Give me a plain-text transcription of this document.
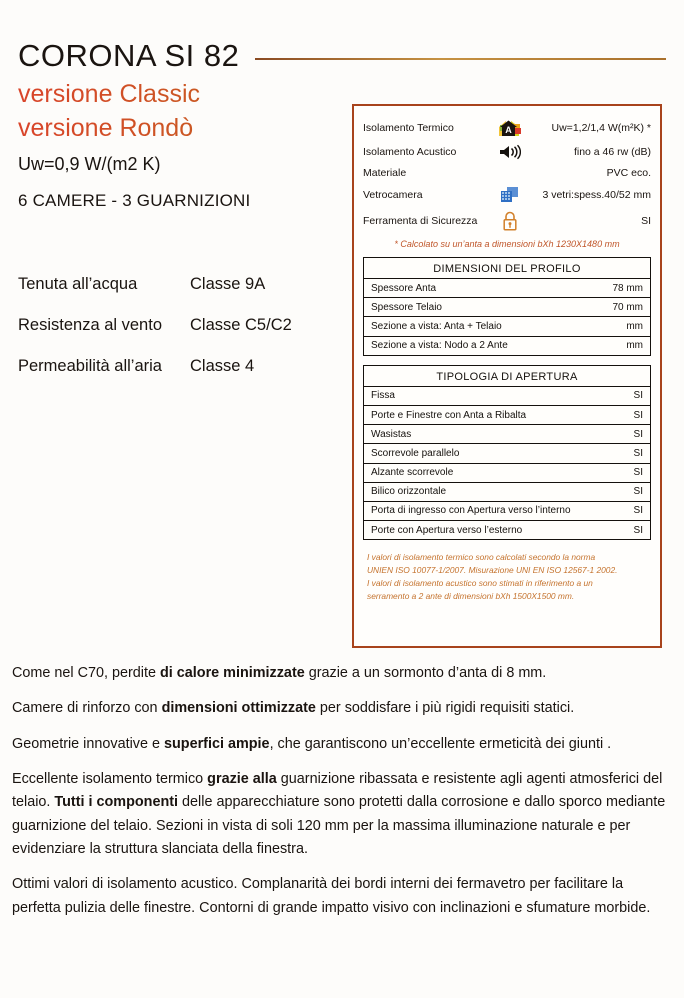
CORONA SI 82
versione Classic
versione Rondò
Uw=0,9 W/(m2 K)
6 CAMERE - 3 GUARNIZIONI
Tenuta all’acqua	Classe 9A
Resistenza al vento	Classe C5/C2
Permeabilità all’aria	Classe 4
Isolamento Termico	A	Uw=1,2/1,4 W(m²K) *
Isolamento Acustico		fino a 46 rw (dB)
Materiale		PVC eco.
Vetrocamera		3 vetri:spess.40/52 mm
Ferramenta di Sicurezza		SI
* Calcolato su un’anta a dimensioni bXh 1230X1480 mm
DIMENSIONI DEL PROFILO
Spessore Anta	78 mm
Spessore Telaio	70 mm
Sezione a vista: Anta + Telaio	mm
Sezione a vista: Nodo a 2 Ante	mm
TIPOLOGIA DI APERTURA
Fissa	SI
Porte e Finestre con Anta a Ribalta	SI
Wasistas	SI
Scorrevole parallelo	SI
Alzante scorrevole	SI
Bilico orizzontale	SI
Porta di ingresso con Apertura verso l’interno	SI
Porte con Apertura verso l’esterno	SI
I valori di isolamento termico sono calcolati secondo la norma
UNIEN ISO 10077-1/2007. Misurazione UNI EN ISO 12567-1 2002.
I valori di isolamento acustico sono stimati in riferimento a un
serramento a 2 ante di dimensioni bXh 1500X1500 mm.

Come nel C70, perdite di calore minimizzate grazie a un sormonto d’anta di 8 mm.

Camere di rinforzo con dimensioni ottimizzate per soddisfare i più rigidi requisiti statici.

Geometrie innovative e superfici ampie, che garantiscono un’eccellente ermeticità dei giunti .

Eccellente isolamento termico grazie alla guarnizione ribassata e resistente agli agenti atmosferici del telaio. Tutti i componenti delle apparecchiature sono protetti dalla corrosione e dallo sporco mediante guarnizione del telaio. Sezioni in vista di soli 120 mm per la massima illuminazione naturale e per evidenziare la struttura slanciata della finestra.

Ottimi valori di isolamento acustico. Complanarità dei bordi interni dei fermavetro per facilitare la perfetta pulizia delle finestre. Contorni di grande impatto visivo con inclinazioni e sfumature morbide.
